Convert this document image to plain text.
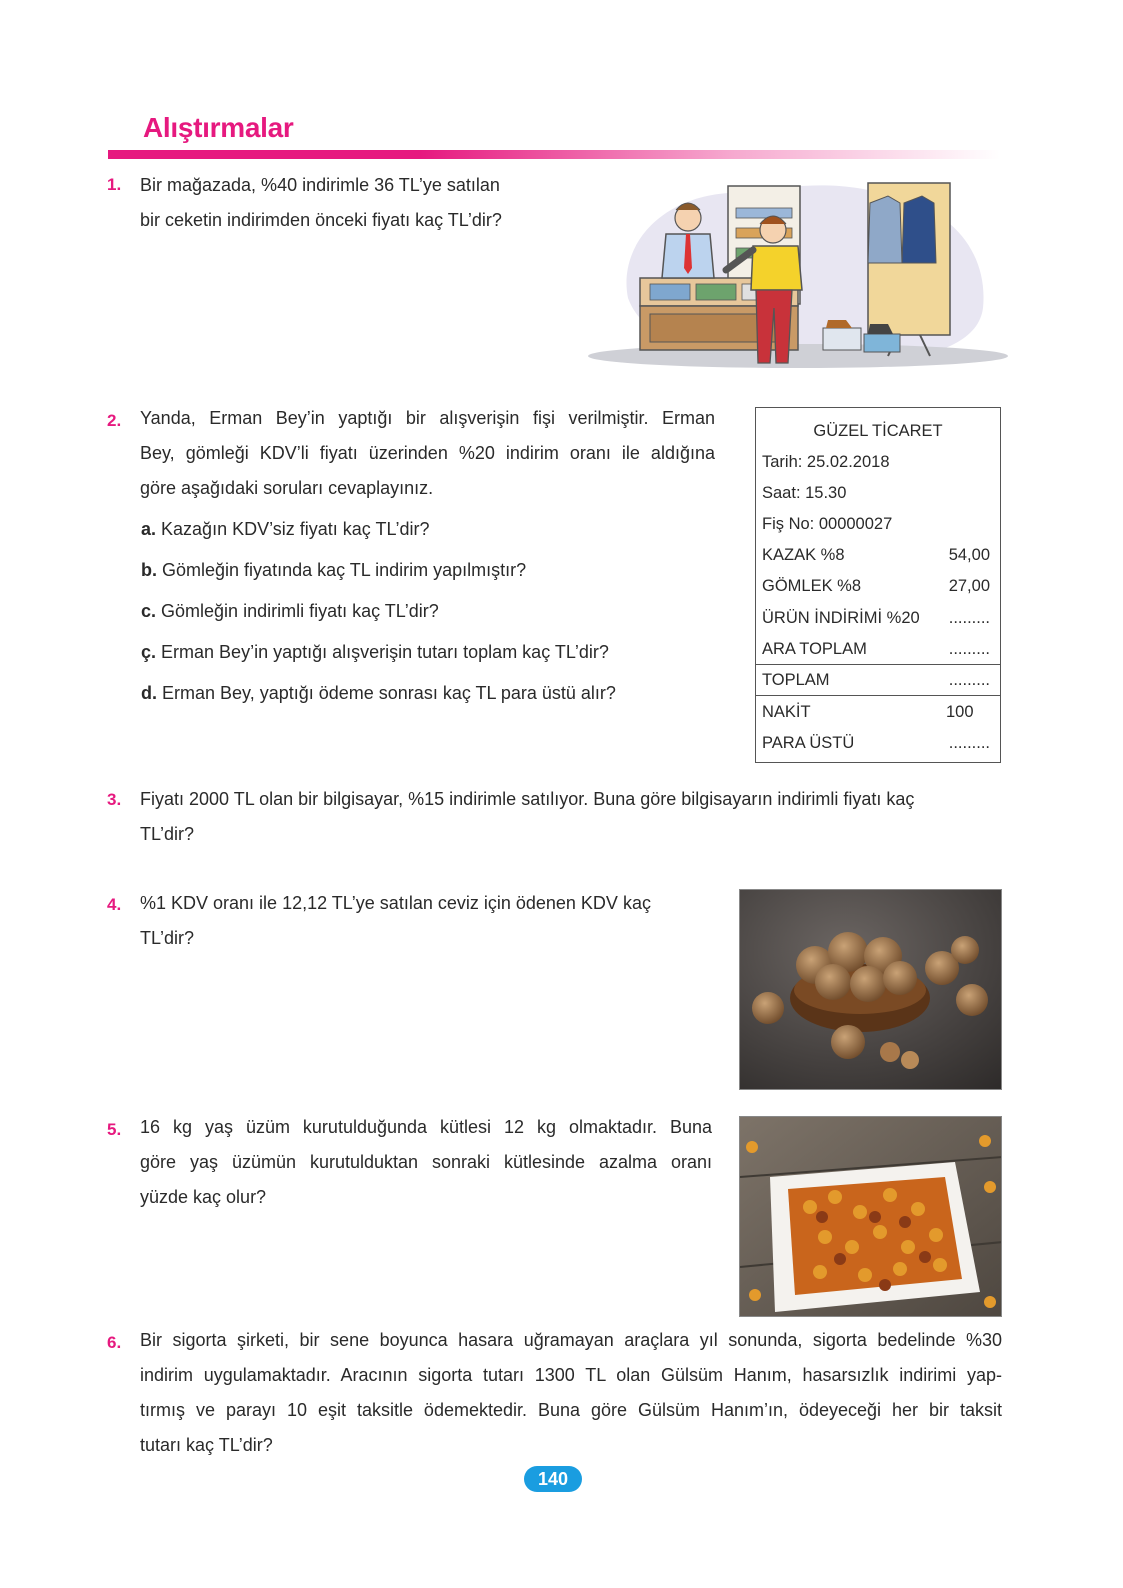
Alıştırmalar
1. Bir mağazada, %40 indirimle 36 TL’ye satılan
bir ceketin indirimden önceki fiyatı kaç TL’dir?
2. Yanda, Erman Bey’in yaptığı bir alışverişin fişi verilmiştir. Erman
Bey, gömleği KDV’li fiyatı üzerinden %20 indirim oranı ile aldığına
göre aşağıdaki soruları cevaplayınız.
a. Kazağın KDV’siz fiyatı kaç TL’dir?
b. Gömleğin fiyatında kaç TL indirim yapılmıştır?
c. Gömleğin indirimli fiyatı kaç TL’dir?
ç. Erman Bey’in yaptığı alışverişin tutarı toplam kaç TL’dir?
d. Erman Bey, yaptığı ödeme sonrası kaç TL para üstü alır?
GÜZEL TİCARET
Tarih: 25.02.2018
Saat: 15.30
Fiş No: 00000027
KAZAK %8	54,00
GÖMLEK %8	27,00
ÜRÜN İNDİRİMİ %20 .........
ARA TOPLAM	.........
TOPLAM	.........
NAKİT	100
PARA ÜSTÜ	.........
3. Fiyatı 2000 TL olan bir bilgisayar, %15 indirimle satılıyor. Buna göre bilgisayarın indirimli fiyatı kaç
TL’dir?
4. %1 KDV oranı ile 12,12 TL’ye satılan ceviz için ödenen KDV kaç
TL’dir?
5. 16 kg yaş üzüm kurutulduğunda kütlesi 12 kg olmaktadır. Buna
göre yaş üzümün kurutulduktan sonraki kütlesinde azalma oranı
yüzde kaç olur?
6. Bir sigorta şirketi, bir sene boyunca hasara uğramayan araçlara yıl sonunda, sigorta bedelinde %30
indirim uygulamaktadır. Aracının sigorta tutarı 1300 TL olan Gülsüm Hanım, hasarsızlık indirimi yap-
tırmış ve parayı 10 eşit taksitle ödemektedir. Buna göre Gülsüm Hanım’ın, ödeyeceği her bir taksit
tutarı kaç TL’dir?
140
